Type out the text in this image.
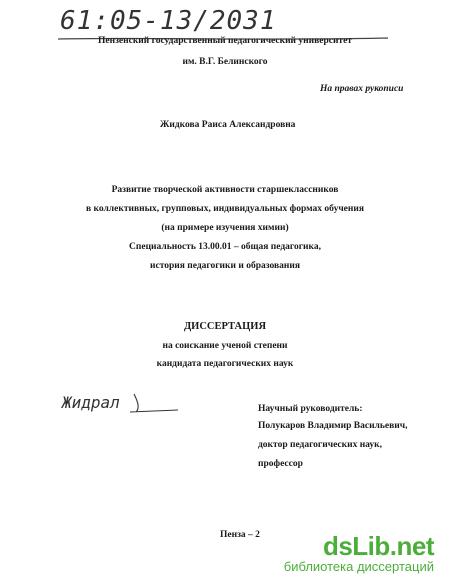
61:05-13/2031
Пензенский государственный педагогический университет
им. В.Г. Белинского
На правах рукописи
Жидкова Раиса Александровна
Развитие творческой активности старшеклассников
в коллективных, групповых, индивидуальных формах обучения
(на примере изучения химии)
Специальность 13.00.01 – общая педагогика,
история педагогики и образования
ДИССЕРТАЦИЯ
на соискание ученой степени
кандидата педагогических наук
Жидрал	Научный руководитель:
Полукаров Владимир Васильевич,
доктор педагогических наук,
профессор
Пенза – 2	dsLib.net
библиотека диссертаций
